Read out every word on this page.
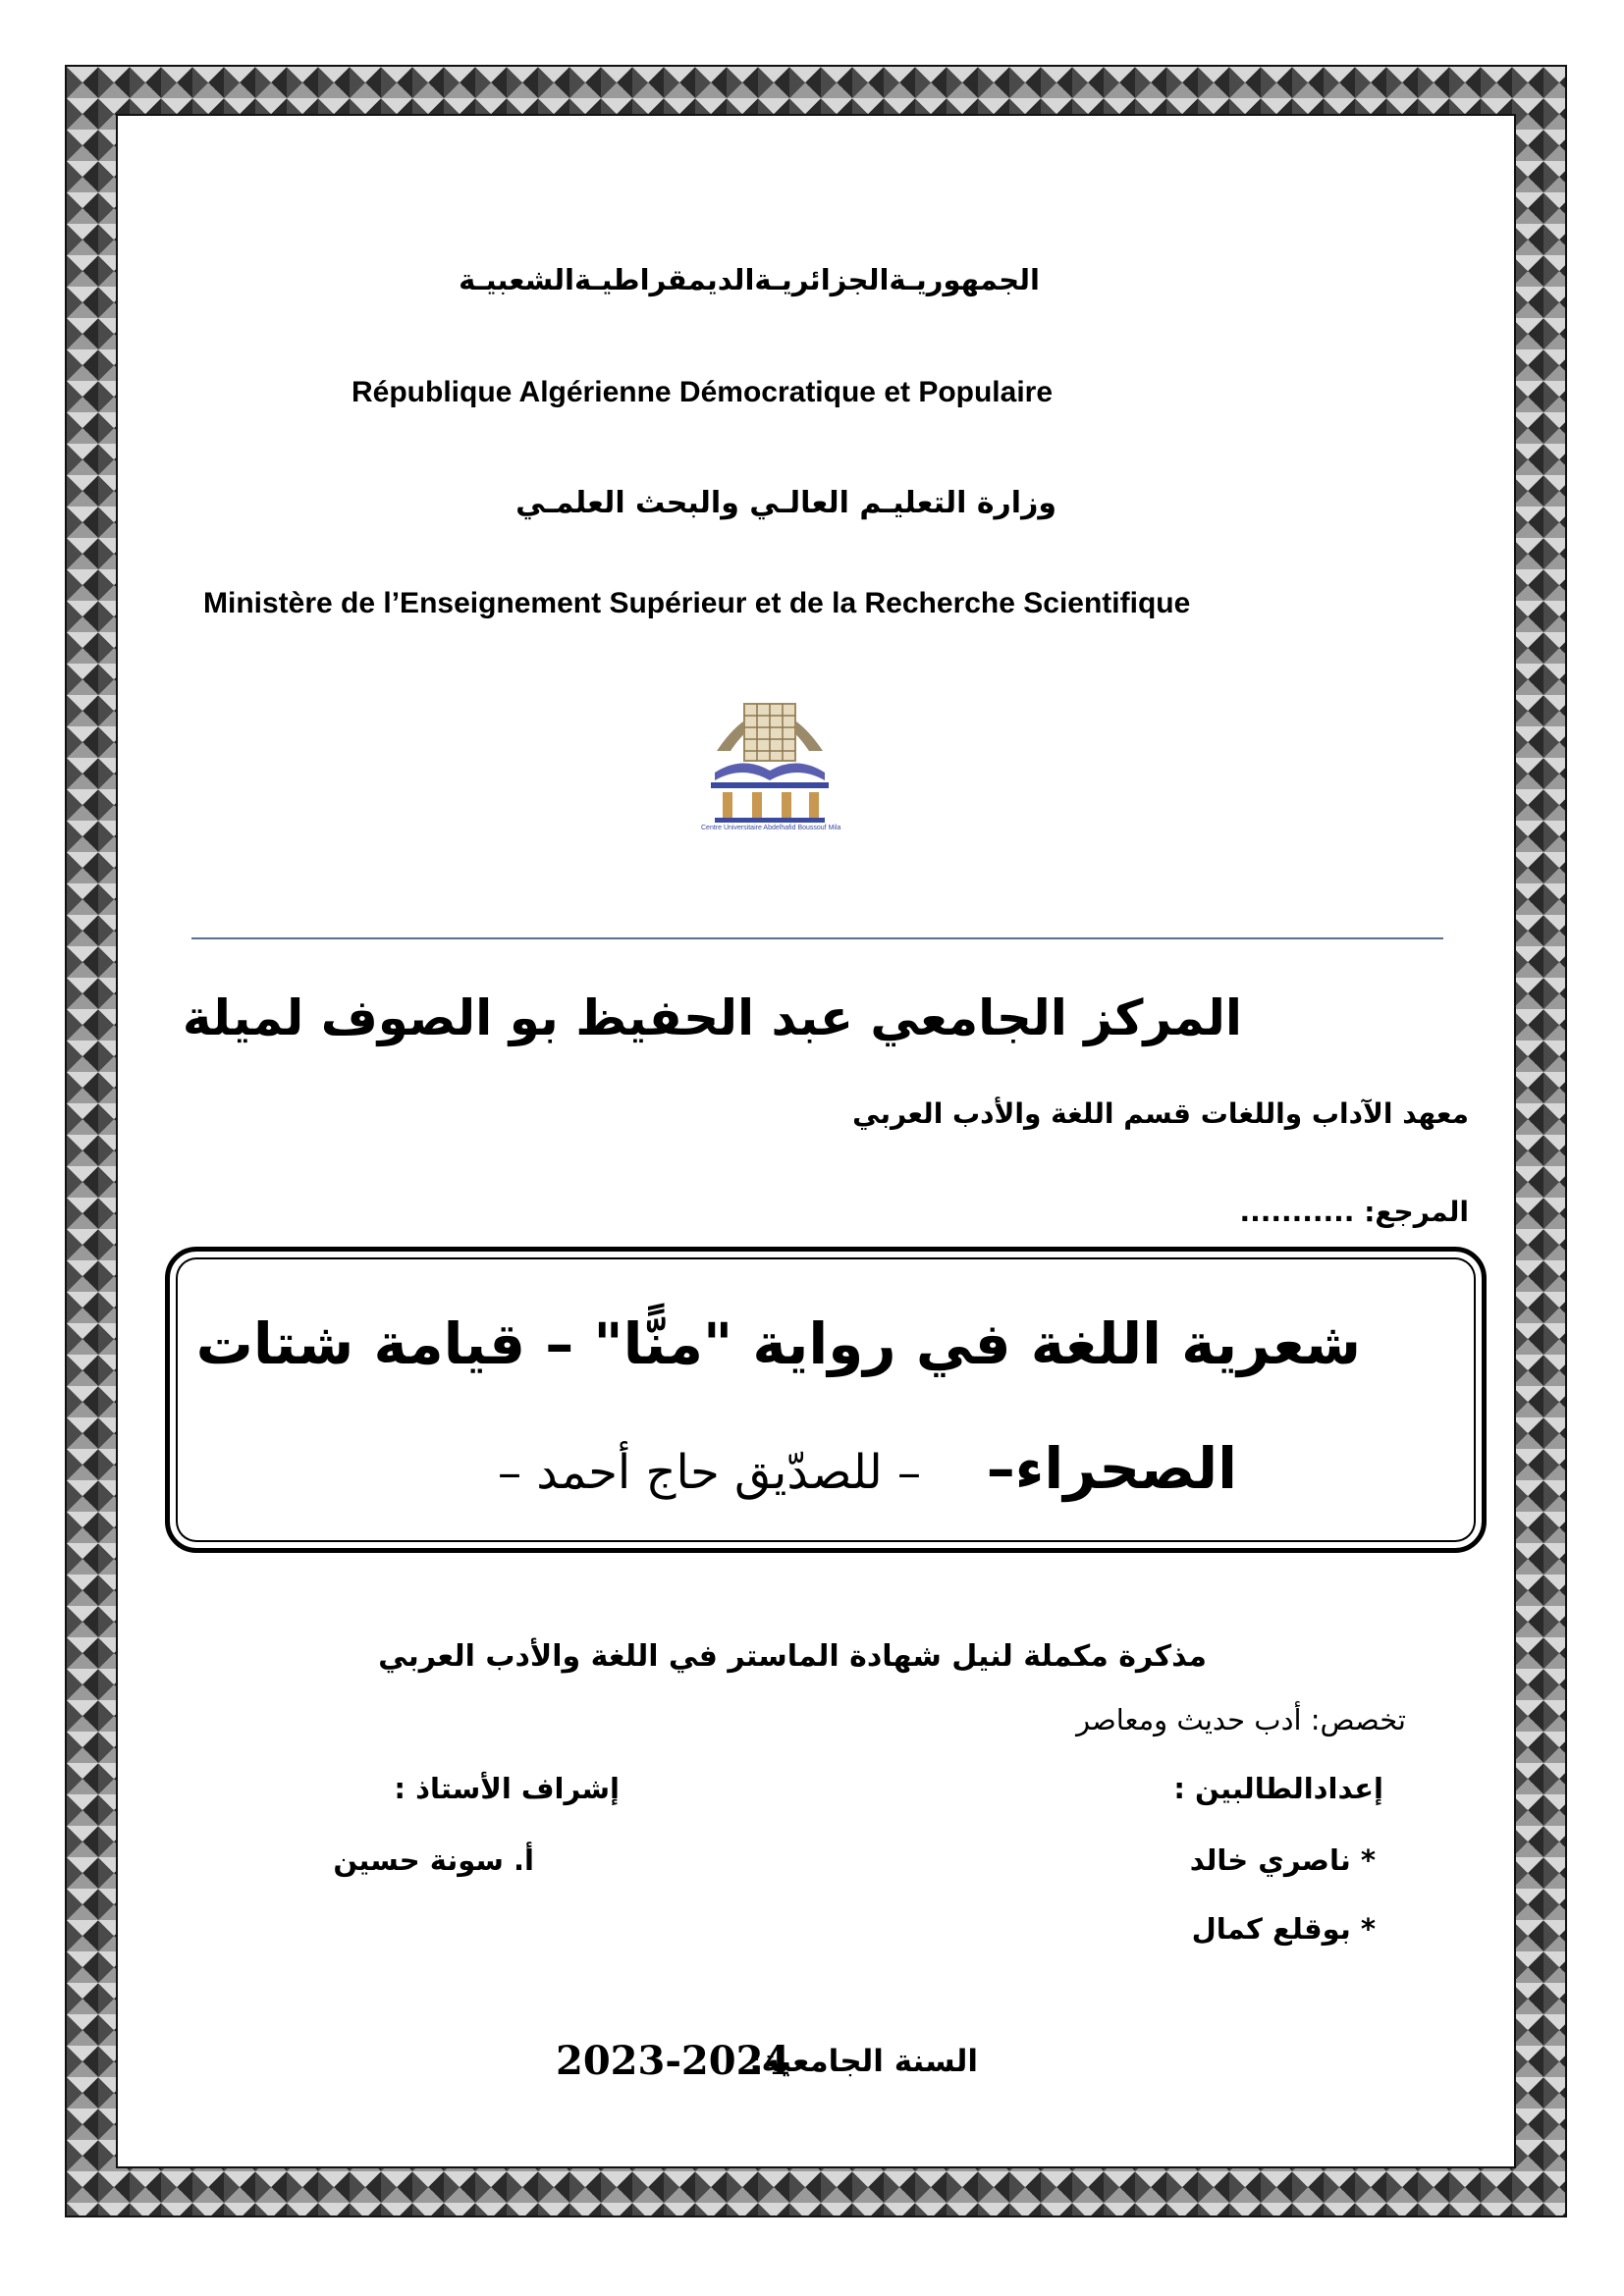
الجمهوريـةالجزائريـةالديمقراطيـةالشعبيـة
République Algérienne Démocratique et Populaire
وزارة التعليـم العالـي والبحث العلمـي
Ministère de l’Enseignement Supérieur et de la Recherche Scientifique
Centre Universitaire Abdelhafid Boussouf Mila
المركز الجامعي عبد الحفيظ بو الصوف لميلة
معهد الآداب واللغات قسم اللغة والأدب العربي
المرجع: ...........
شعرية اللغة في رواية "منًّا" – قيامة شتات
الصحراء–
– للصدّيق حاج أحمد –
مذكرة مكملة لنيل شهادة الماستر في اللغة والأدب العربي
تخصص: أدب حديث ومعاصر
إعدادالطالبين :
إشراف الأستاذ :
* ناصري خالد
أ. سونة حسين
* بوقلع كمال
السنة الجامعية:
2023-2024
